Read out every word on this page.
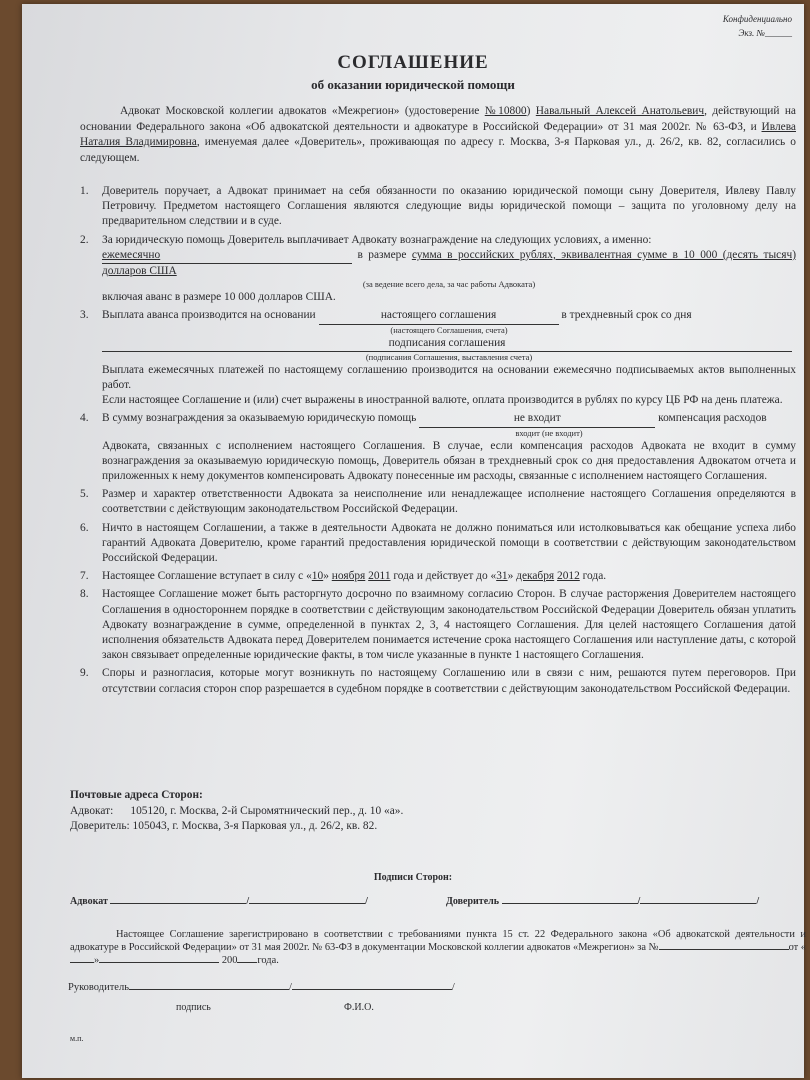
Конфиденциально
Экз. №______
СОГЛАШЕНИЕ
об оказании юридической помощи
Адвокат Московской коллегии адвокатов «Межрегион» (удостоверение №10800) Навальный Алексей Анатольевич, действующий на основании Федерального закона «Об адвокатской деятельности и адвокатуре в Российской Федерации» от 31 мая 2002г. № 63-ФЗ, и Ивлева Наталия Владимировна, именуемая далее «Доверитель», проживающая по адресу г. Москва, 3-я Парковая ул., д. 26/2, кв. 82, согласились о следующем.
1. Доверитель поручает, а Адвокат принимает на себя обязанности по оказанию юридической помощи сыну Доверителя, Ивлеву Павлу Петровичу. Предметом настоящего Соглашения являются следующие виды юридической помощи – защита по уголовному делу на предварительном следствии и в суде.
2. За юридическую помощь Доверитель выплачивает Адвокату вознаграждение на следующих условиях, а именно:
ежемесячно	в размере сумма в российских рублях, эквивалентная сумме в 10 000 (десять тысяч) долларов США
(за ведение всего дела, за час работы Адвоката)
включая аванс в размере 10 000 долларов США.
3. Выплата аванса производится на основании	настоящего соглашения	в трехдневный срок со дня
(настоящего Соглашения, счета)
подписания соглашения
(подписания Соглашения, выставления счета)
Выплата ежемесячных платежей по настоящему соглашению производится на основании ежемесячно подписываемых актов выполненных работ.
Если настоящее Соглашение и (или) счет выражены в иностранной валюте, оплата производится в рублях по курсу ЦБ РФ на день платежа.
4. В сумму вознаграждения за оказываемую юридическую помощь	не входит	компенсация расходов
входит (не входит)
Адвоката, связанных с исполнением настоящего Соглашения. В случае, если компенсация расходов Адвоката не входит в сумму вознаграждения за оказываемую юридическую помощь, Доверитель обязан в трехдневный срок со дня предоставления Адвокатом отчета и приложенных к нему документов компенсировать Адвокату понесенные им расходы, связанные с исполнением настоящего Соглашения.
5. Размер и характер ответственности Адвоката за неисполнение или ненадлежащее исполнение настоящего Соглашения определяются в соответствии с действующим законодательством Российской Федерации.
6. Ничто в настоящем Соглашении, а также в деятельности Адвоката не должно пониматься или истолковываться как обещание успеха либо гарантий Адвоката Доверителю, кроме гарантий предоставления юридической помощи в соответствии с действующим законодательством Российской Федерации.
7. Настоящее Соглашение вступает в силу с «10» ноября 2011 года и действует до «31» декабря 2012 года.
8. Настоящее Соглашение может быть расторгнуто досрочно по взаимному согласию Сторон. В случае расторжения Доверителем настоящего Соглашения в одностороннем порядке в соответствии с действующим законодательством Российской Федерации Доверитель обязан уплатить Адвокату вознаграждение в сумме, определенной в пунктах 2, 3, 4 настоящего Соглашения. Для целей настоящего Соглашения датой исполнения обязательств Адвоката перед Доверителем понимается истечение срока настоящего Соглашения или наступление даты, с которой закон связывает определенные юридические факты, в том числе указанные в пункте 1 настоящего Соглашения.
9. Споры и разногласия, которые могут возникнуть по настоящему Соглашению или в связи с ним, решаются путем переговоров. При отсутствии согласия сторон спор разрешается в судебном порядке в соответствии с действующим законодательством Российской Федерации.
Почтовые адреса Сторон:
Адвокат:      105120, г. Москва, 2-й Сыромятнический пер., д. 10 «а».
Доверитель: 105043, г. Москва, 3-я Парковая ул., д. 26/2, кв. 82.
Подписи Сторон:
Адвокат	/	/	Доверитель	/	/
Настоящее Соглашение зарегистрировано в соответствии с требованиями пункта 15 ст. 22 Федерального закона «Об адвокатской деятельности и адвокатуре в Российской Федерации» от 31 мая 2002г. № 63-ФЗ в документации Московской коллегии адвокатов «Межрегион» за №	от «»	200 года.
Руководитель	/	/
подпись	Ф.И.О.
м.п.
